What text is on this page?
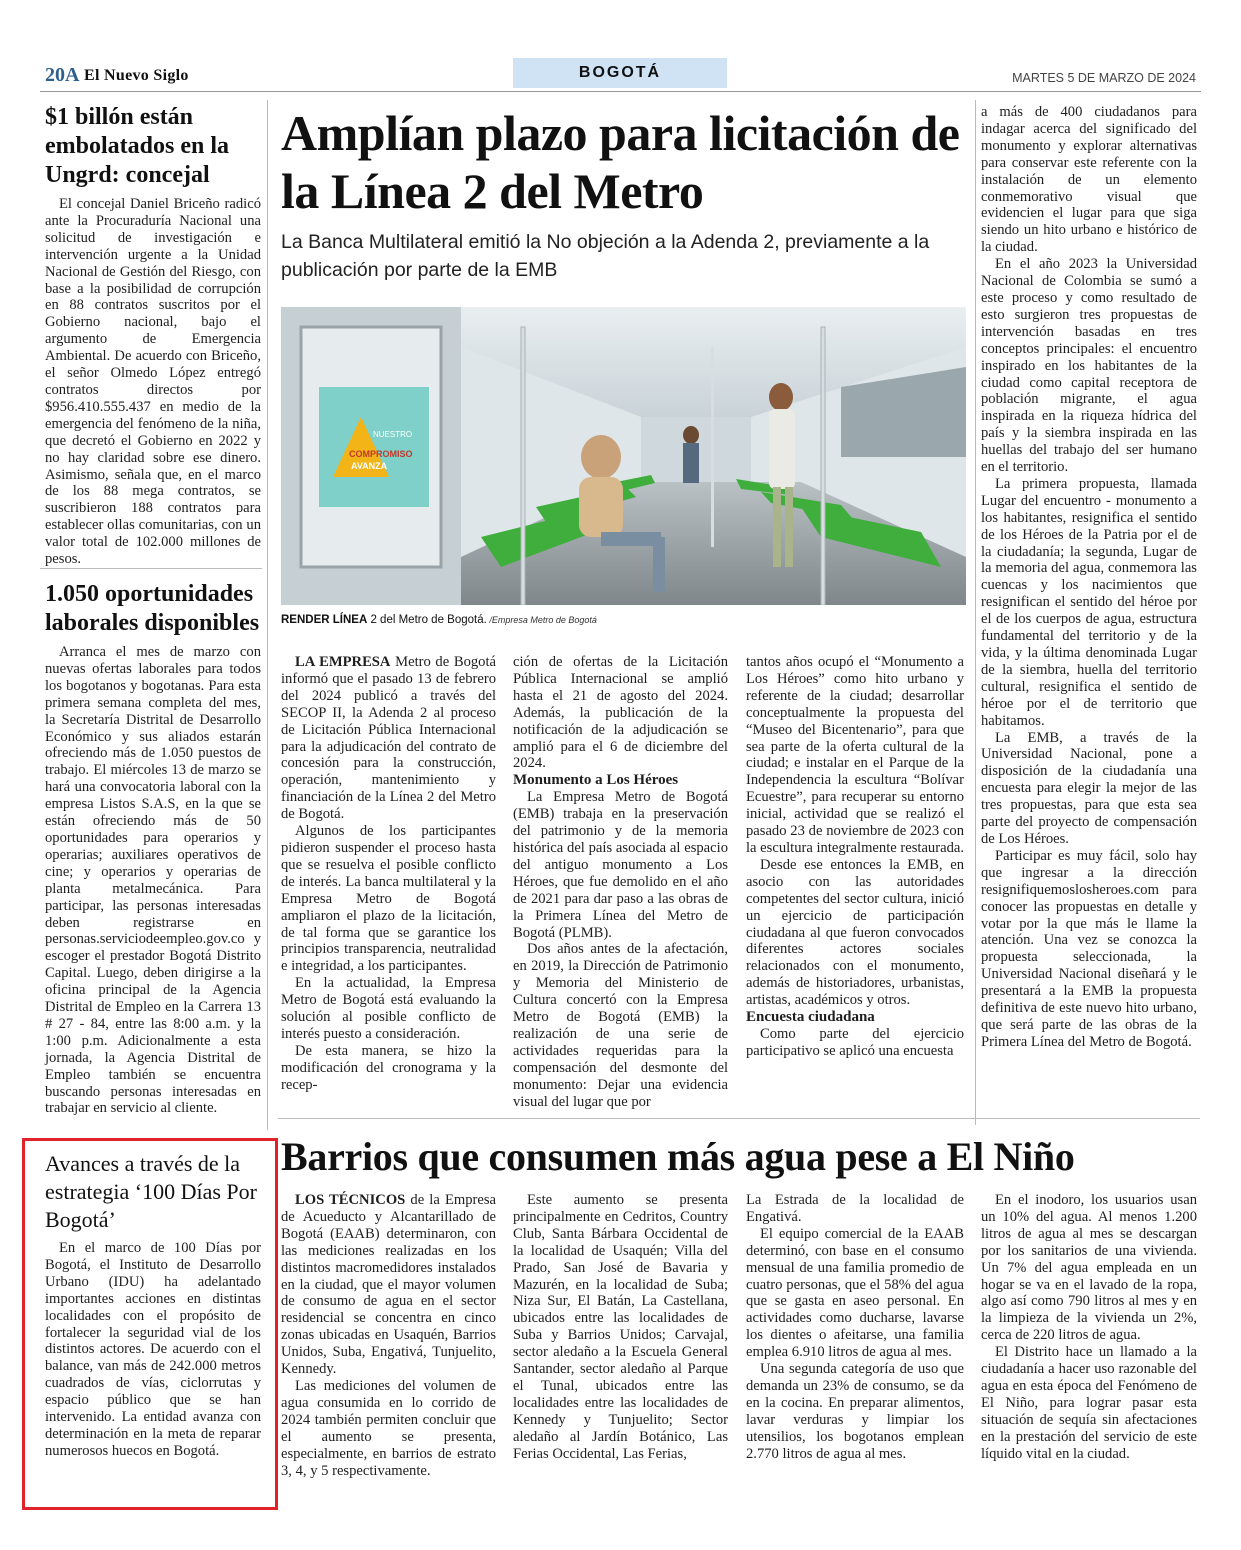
20A El Nuevo Siglo	BOGOTÁ	MARTES 5 DE MARZO DE 2024
$1 billón están embolatados en la Ungrd: concejal

El concejal Daniel Briceño radicó ante la Procuraduría Nacional una solicitud de investigación e intervención urgente a la Unidad Nacional de Gestión del Riesgo, con base a la posibilidad de corrupción en 88 contratos suscritos por el Gobierno nacional, bajo el argumento de Emergencia Ambiental. De acuerdo con Briceño, el señor Olmedo López entregó contratos directos por $956.410.555.437 en medio de la emergencia del fenómeno de la niña, que decretó el Gobierno en 2022 y no hay claridad sobre ese dinero. Asimismo, señala que, en el marco de los 88 mega contratos, se suscribieron 188 contratos para establecer ollas comunitarias, con un valor total de 102.000 millones de pesos.

1.050 oportunidades laborales disponibles

Arranca el mes de marzo con nuevas ofertas laborales para todos los bogotanos y bogotanas. Para esta primera semana completa del mes, la Secretaría Distrital de Desarrollo Económico y sus aliados estarán ofreciendo más de 1.050 puestos de trabajo. El miércoles 13 de marzo se hará una convocatoria laboral con la empresa Listos S.A.S, en la que se están ofreciendo más de 50 oportunidades para operarios y operarias; auxiliares operativos de cine; y operarios y operarias de planta metalmecánica. Para participar, las personas interesadas deben registrarse en personas.serviciodeempleo.gov.co y escoger el prestador Bogotá Distrito Capital. Luego, deben dirigirse a la oficina principal de la Agencia Distrital de Empleo en la Carrera 13 # 27 - 84, entre las 8:00 a.m. y la 1:00 p.m. Adicionalmente a esta jornada, la Agencia Distrital de Empleo también se encuentra buscando personas interesadas en trabajar en servicio al cliente.

Avances a través de la estrategia ‘100 Días Por Bogotá’

En el marco de 100 Días por Bogotá, el Instituto de Desarrollo Urbano (IDU) ha adelantado importantes acciones en distintas localidades con el propósito de fortalecer la seguridad vial de los distintos actores. De acuerdo con el balance, van más de 242.000 metros cuadrados de vías, ciclorrutas y espacio público que se han intervenido. La entidad avanza con determinación en la meta de reparar numerosos huecos en Bogotá.

Amplían plazo para licitación de la Línea 2 del Metro

La Banca Multilateral emitió la No objeción a la Adenda 2, previamente a la publicación por parte de la EMB

NUESTRO
COMPROMISO
AVANZA
RENDER LÍNEA 2 del Metro de Bogotá. /Empresa Metro de Bogotá

LA EMPRESA Metro de Bogotá informó que el pasado 13 de febrero del 2024 publicó a través del SECOP II, la Adenda 2 al proceso de Licitación Pública Internacional para la adjudicación del contrato de concesión para la construcción, operación, mantenimiento y financiación de la Línea 2 del Metro de Bogotá.

Algunos de los participantes pidieron suspender el proceso hasta que se resuelva el posible conflicto de interés. La banca multilateral y la Empresa Metro de Bogotá ampliaron el plazo de la licitación, de tal forma que se garantice los principios transparencia, neutralidad e integridad, a los participantes.

En la actualidad, la Empresa Metro de Bogotá está evaluando la solución al posible conflicto de interés puesto a consideración.

De esta manera, se hizo la modificación del cronograma y la recep-

ción de ofertas de la Licitación Pública Internacional se amplió hasta el 21 de agosto del 2024. Además, la publicación de la notificación de la adjudicación se amplió para el 6 de diciembre del 2024.

Monumento a Los Héroes

La Empresa Metro de Bogotá (EMB) trabaja en la preservación del patrimonio y de la memoria histórica del país asociada al espacio del antiguo monumento a Los Héroes, que fue demolido en el año de 2021 para dar paso a las obras de la Primera Línea del Metro de Bogotá (PLMB).

Dos años antes de la afectación, en 2019, la Dirección de Patrimonio y Memoria del Ministerio de Cultura concertó con la Empresa Metro de Bogotá (EMB) la realización de una serie de actividades requeridas para la compensación del desmonte del monumento: Dejar una evidencia visual del lugar que por

tantos años ocupó el “Monumento a Los Héroes” como hito urbano y referente de la ciudad; desarrollar conceptualmente la propuesta del “Museo del Bicentenario”, para que sea parte de la oferta cultural de la ciudad; e instalar en el Parque de la Independencia la escultura “Bolívar Ecuestre”, para recuperar su entorno inicial, actividad que se realizó el pasado 23 de noviembre de 2023 con la escultura integralmente restaurada.

Desde ese entonces la EMB, en asocio con las autoridades competentes del sector cultura, inició un ejercicio de participación ciudadana al que fueron convocados diferentes actores sociales relacionados con el monumento, además de historiadores, urbanistas, artistas, académicos y otros.

Encuesta ciudadana

Como parte del ejercicio participativo se aplicó una encuesta

a más de 400 ciudadanos para indagar acerca del significado del monumento y explorar alternativas para conservar este referente con la instalación de un elemento conmemorativo visual que evidencien el lugar para que siga siendo un hito urbano e histórico de la ciudad.

En el año 2023 la Universidad Nacional de Colombia se sumó a este proceso y como resultado de esto surgieron tres propuestas de intervención basadas en tres conceptos principales: el encuentro inspirado en los habitantes de la ciudad como capital receptora de población migrante, el agua inspirada en la riqueza hídrica del país y la siembra inspirada en las huellas del trabajo del ser humano en el territorio.

La primera propuesta, llamada Lugar del encuentro - monumento a los habitantes, resignifica el sentido de los Héroes de la Patria por el de la ciudadanía; la segunda, Lugar de la memoria del agua, conmemora las cuencas y los nacimientos que resignifican el sentido del héroe por el de los cuerpos de agua, estructura fundamental del territorio y de la vida, y la última denominada Lugar de la siembra, huella del territorio cultural, resignifica el sentido de héroe por el de territorio que habitamos.

La EMB, a través de la Universidad Nacional, pone a disposición de la ciudadanía una encuesta para elegir la mejor de las tres propuestas, para que esta sea parte del proyecto de compensación de Los Héroes.

Participar es muy fácil, solo hay que ingresar a la dirección resignifiquemoslosheroes.com para conocer las propuestas en detalle y votar por la que más le llame la atención. Una vez se conozca la propuesta seleccionada, la Universidad Nacional diseñará y le presentará a la EMB la propuesta definitiva de este nuevo hito urbano, que será parte de las obras de la Primera Línea del Metro de Bogotá.

Barrios que consumen más agua pese a El Niño

LOS TÉCNICOS de la Empresa de Acueducto y Alcantarillado de Bogotá (EAAB) determinaron, con las mediciones realizadas en los distintos macromedidores instalados en la ciudad, que el mayor volumen de consumo de agua en el sector residencial se concentra en cinco zonas ubicadas en Usaquén, Barrios Unidos, Suba, Engativá, Tunjuelito, Kennedy.

Las mediciones del volumen de agua consumida en lo corrido de 2024 también permiten concluir que el aumento se presenta, especialmente, en barrios de estrato 3, 4, y 5 respectivamente.

Este aumento se presenta principalmente en Cedritos, Country Club, Santa Bárbara Occidental de la localidad de Usaquén; Villa del Prado, San José de Bavaria y Mazurén, en la localidad de Suba; Niza Sur, El Batán, La Castellana, ubicados entre las localidades de Suba y Barrios Unidos; Carvajal, sector aledaño a la Escuela General Santander, sector aledaño al Parque el Tunal, ubicados entre las localidades entre las localidades de Kennedy y Tunjuelito; Sector aledaño al Jardín Botánico, Las Ferias Occidental, Las Ferias,

La Estrada de la localidad de Engativá.

El equipo comercial de la EAAB determinó, con base en el consumo mensual de una familia promedio de cuatro personas, que el 58% del agua que se gasta en aseo personal. En actividades como ducharse, lavarse los dientes o afeitarse, una familia emplea 6.910 litros de agua al mes.

Una segunda categoría de uso que demanda un 23% de consumo, se da en la cocina. En preparar alimentos, lavar verduras y limpiar los utensilios, los bogotanos emplean 2.770 litros de agua al mes.

En el inodoro, los usuarios usan un 10% del agua. Al menos 1.200 litros de agua al mes se descargan por los sanitarios de una vivienda. Un 7% del agua empleada en un hogar se va en el lavado de la ropa, algo así como 790 litros al mes y en la limpieza de la vivienda un 2%, cerca de 220 litros de agua.

El Distrito hace un llamado a la ciudadanía a hacer uso razonable del agua en esta época del Fenómeno de El Niño, para lograr pasar esta situación de sequía sin afectaciones en la prestación del servicio de este líquido vital en la ciudad.
